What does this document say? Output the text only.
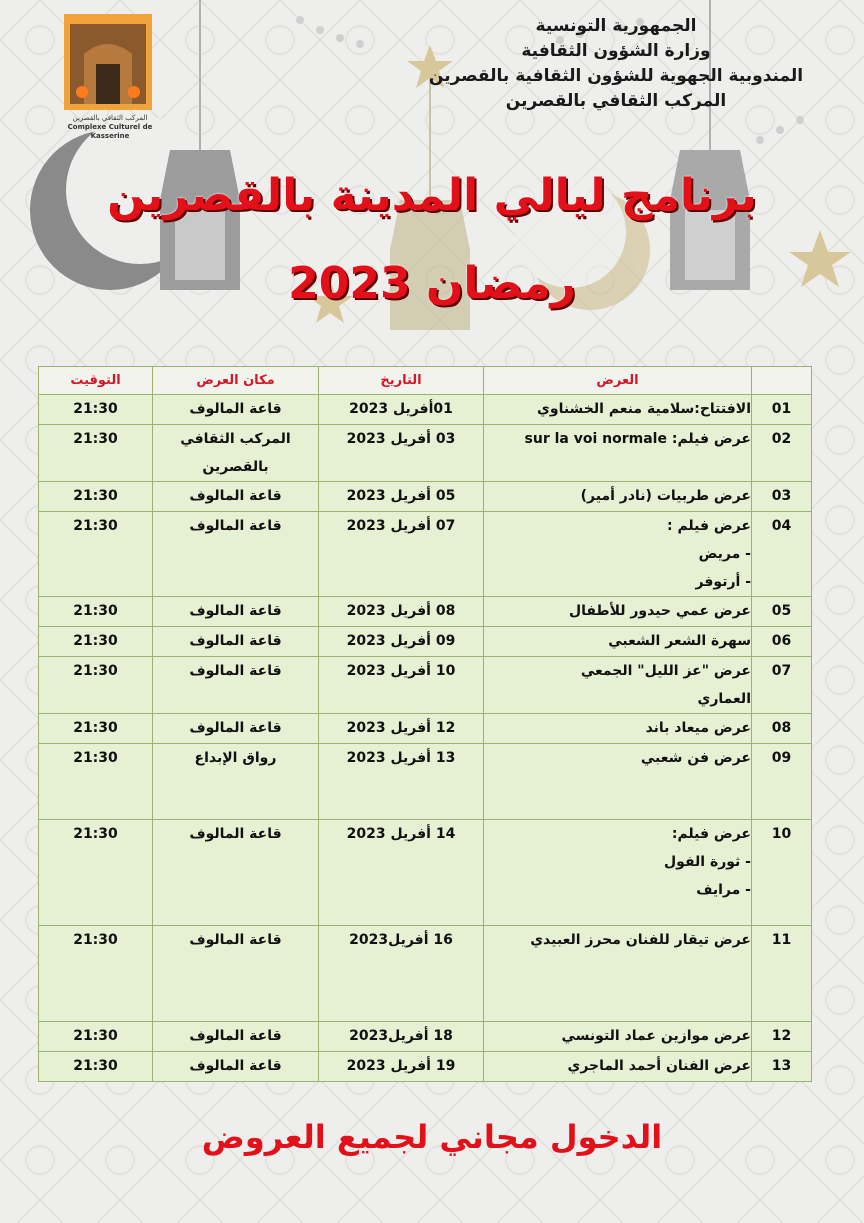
المركب الثقافي بالقصرين
Complexe Culturel de Kasserine
الجمهورية التونسية
وزارة الشؤون الثقافية
المندوبية الجهوية للشؤون الثقافية بالقصرين
المركب الثقافي بالقصرين
برنامج ليالي المدينة بالقصرين
رمضان 2023
	العرض	التاريخ	مكان العرض	التوقيت
01	الافتتاح:سلامية منعم الخشناوي	01أفريل 2023	قاعة المالوف	21:30
02	عرض فيلم: sur la voi normale	03 أفريل 2023	المركب الثقافي بالقصرين	21:30
03	عرض طربيات (نادر أمير)	05 أفريل 2023	قاعة المالوف	21:30
04	عرض فيلم :
- مريض
- أرتوفر	07 أفريل 2023	قاعة المالوف	21:30
05	عرض عمي حيدور للأطفال	08 أفريل 2023	قاعة المالوف	21:30
06	سهرة الشعر الشعبي	09 أفريل 2023	قاعة المالوف	21:30
07	عرض "عز الليل" الجمعي
العماري	10 أفريل 2023	قاعة المالوف	21:30
08	عرض ميعاد باند	12 أفريل 2023	قاعة المالوف	21:30
09	عرض فن شعبي	13 أفريل 2023	رواق الإبداع	21:30
10	عرض فيلم:
- ثورة الفول
- مرايف	14 أفريل 2023	قاعة المالوف	21:30
11	عرض تيقار للفنان محرز العبيدي	16 أفريل2023	قاعة المالوف	21:30
12	عرض موازين عماد التونسي	18 أفريل2023	قاعة المالوف	21:30
13	عرض الفنان أحمد الماجري	19 أفريل 2023	قاعة المالوف	21:30
الدخول مجاني لجميع العروض
